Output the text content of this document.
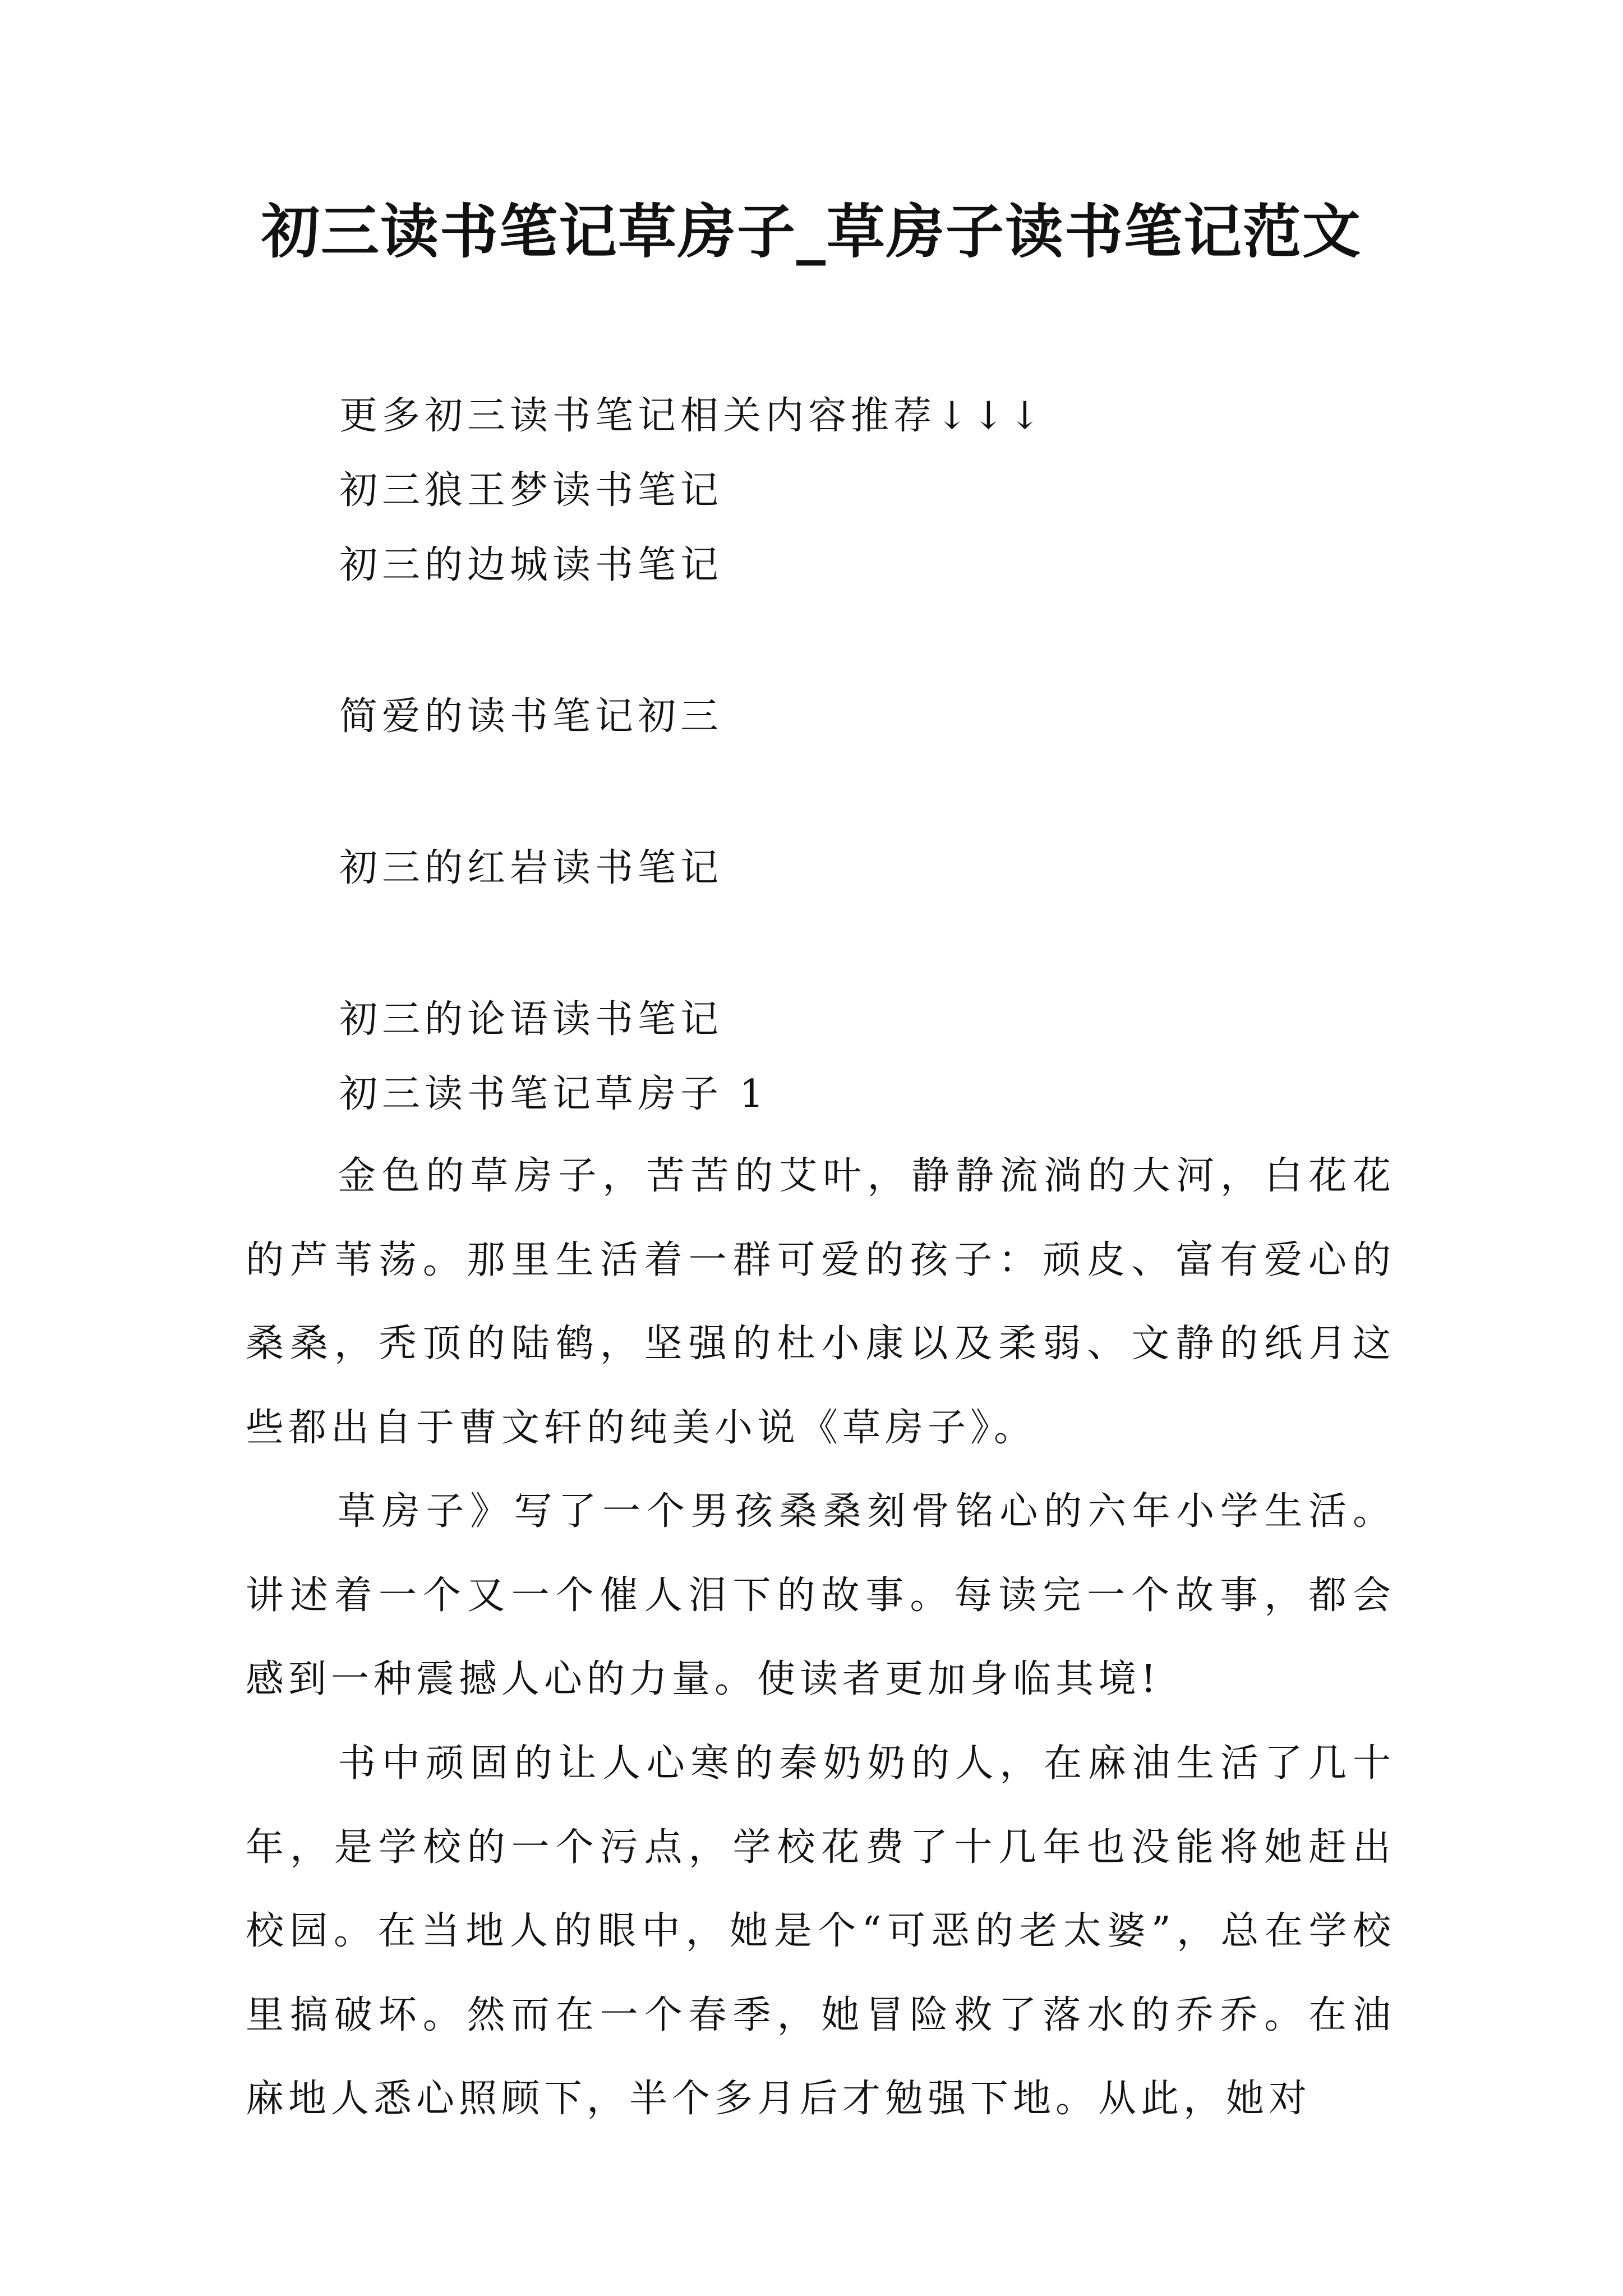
初三读书笔记草房子_草房子读书笔记范文
更多初三读书笔记相关内容推荐↓↓↓
初三狼王梦读书笔记
初三的边城读书笔记
简爱的读书笔记初三
初三的红岩读书笔记
初三的论语读书笔记
初三读书笔记草房子 1

金色的草房子，苦苦的艾叶，静静流淌的大河，白花花的芦苇荡。那里生活着一群可爱的孩子：顽皮、富有爱心的桑桑，秃顶的陆鹤，坚强的杜小康以及柔弱、文静的纸月这些都出自于曹文轩的纯美小说《草房子》。

草房子》写了一个男孩桑桑刻骨铭心的六年小学生活。讲述着一个又一个催人泪下的故事。每读完一个故事，都会感到一种震撼人心的力量。使读者更加身临其境!

书中顽固的让人心寒的秦奶奶的人，在麻油生活了几十年，是学校的一个污点，学校花费了十几年也没能将她赶出校园。在当地人的眼中，她是个“可恶的老太婆”，总在学校里搞破坏。然而在一个春季，她冒险救了落水的乔乔。在油麻地人悉心照顾下，半个多月后才勉强下地。从此，她对
